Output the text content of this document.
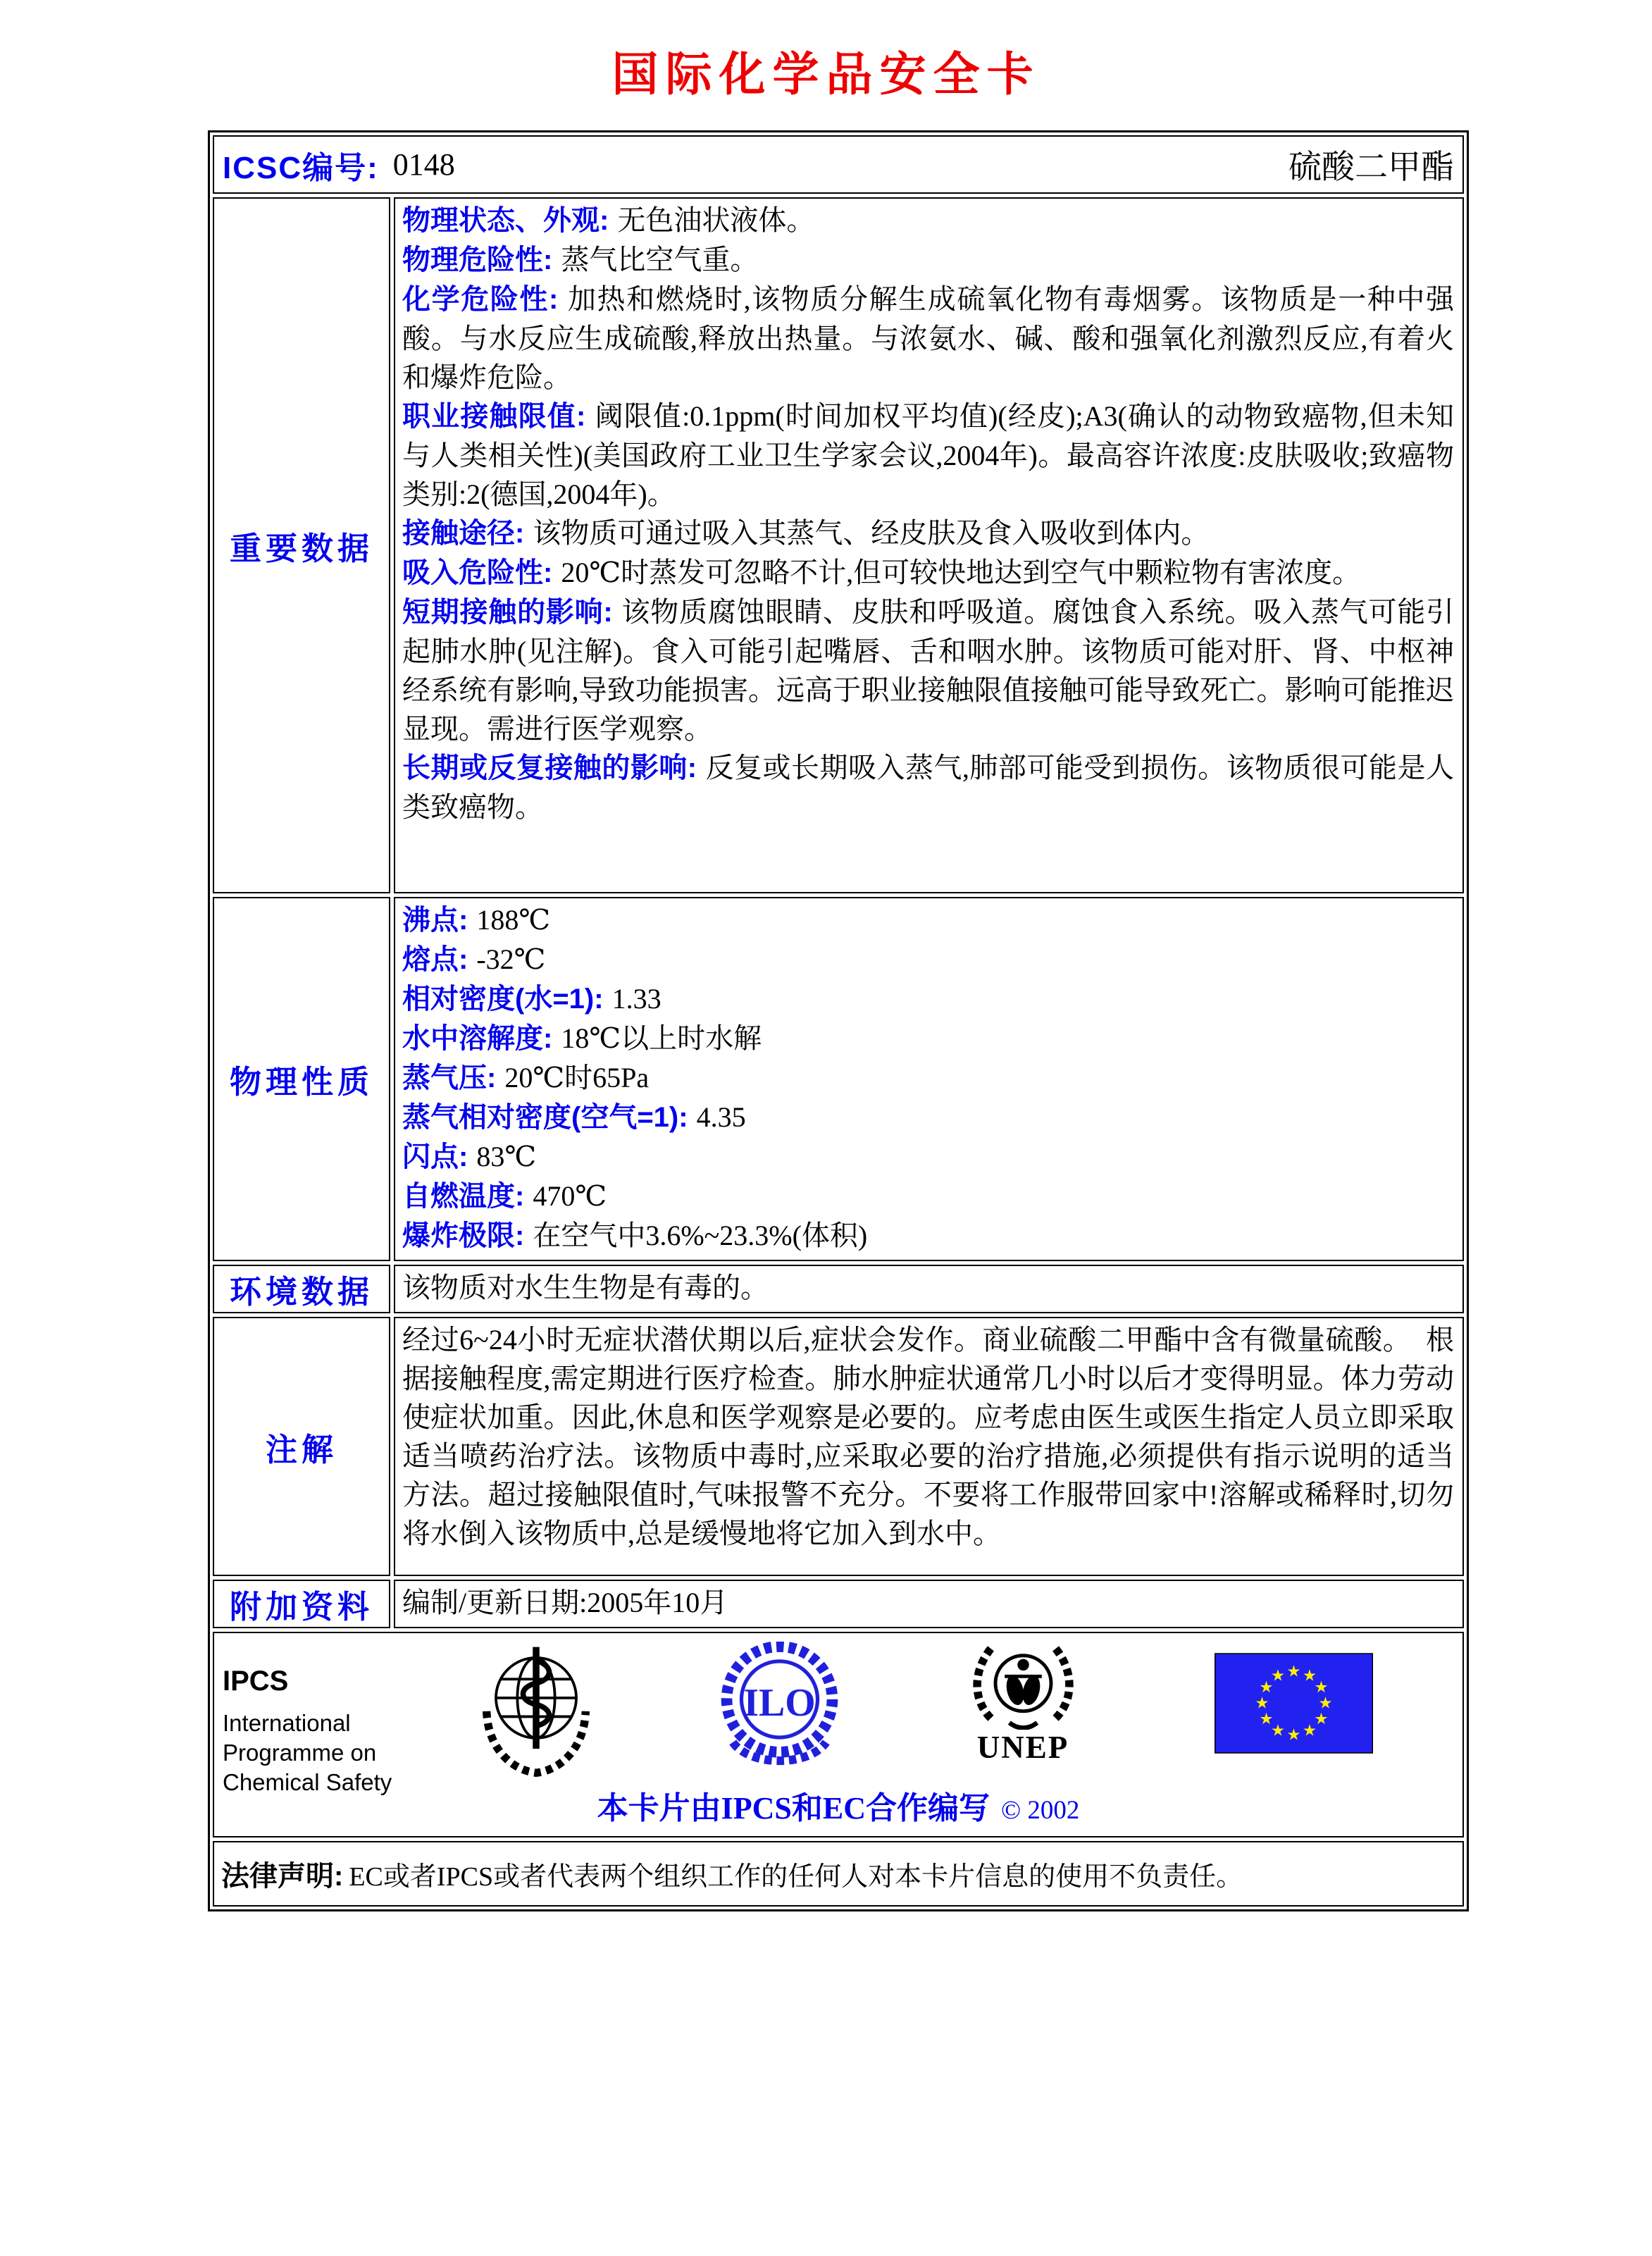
国际化学品安全卡
ICSC编号: 0148	硫酸二甲酯
重要数据
物理状态、外观: 无色油状液体。
物理危险性: 蒸气比空气重。
化学危险性: 加热和燃烧时,该物质分解生成硫氧化物有毒烟雾。该物质是一种中强酸。与水反应生成硫酸,释放出热量。与浓氨水、碱、酸和强氧化剂激烈反应,有着火和爆炸危险。
职业接触限值: 阈限值:0.1ppm(时间加权平均值)(经皮);A3(确认的动物致癌物,但未知与人类相关性)(美国政府工业卫生学家会议,2004年)。最高容许浓度:皮肤吸收;致癌物类别:2(德国,2004年)。
接触途径: 该物质可通过吸入其蒸气、经皮肤及食入吸收到体内。
吸入危险性: 20℃时蒸发可忽略不计,但可较快地达到空气中颗粒物有害浓度。
短期接触的影响: 该物质腐蚀眼睛、皮肤和呼吸道。腐蚀食入系统。吸入蒸气可能引起肺水肿(见注解)。食入可能引起嘴唇、舌和咽水肿。该物质可能对肝、肾、中枢神经系统有影响,导致功能损害。远高于职业接触限值接触可能导致死亡。影响可能推迟显现。需进行医学观察。
长期或反复接触的影响: 反复或长期吸入蒸气,肺部可能受到损伤。该物质很可能是人类致癌物。
物理性质
沸点: 188℃
熔点: -32℃
相对密度(水=1): 1.33
水中溶解度: 18℃以上时水解
蒸气压: 20℃时65Pa
蒸气相对密度(空气=1): 4.35
闪点: 83℃
自燃温度: 470℃
爆炸极限: 在空气中3.6%~23.3%(体积)
环境数据 该物质对水生生物是有毒的。
注解
经过6~24小时无症状潜伏期以后,症状会发作。商业硫酸二甲酯中含有微量硫酸。　根据接触程度,需定期进行医疗检查。肺水肿症状通常几小时以后才变得明显。体力劳动使症状加重。因此,休息和医学观察是必要的。应考虑由医生或医生指定人员立即采取适当喷药治疗法。该物质中毒时,应采取必要的治疗措施,必须提供有指示说明的适当方法。超过接触限值时,气味报警不充分。不要将工作服带回家中!溶解或稀释时,切勿将水倒入该物质中,总是缓慢地将它加入到水中。
附加资料 编制/更新日期:2005年10月
IPCS
International
Programme on
Chemical Safety
ILO
UNEP
★ ★
★
★
★
★
★
★
★
★
★
★
本卡片由IPCS和EC合作编写 © 2002
法律声明: EC或者IPCS或者代表两个组织工作的任何人对本卡片信息的使用不负责任。
